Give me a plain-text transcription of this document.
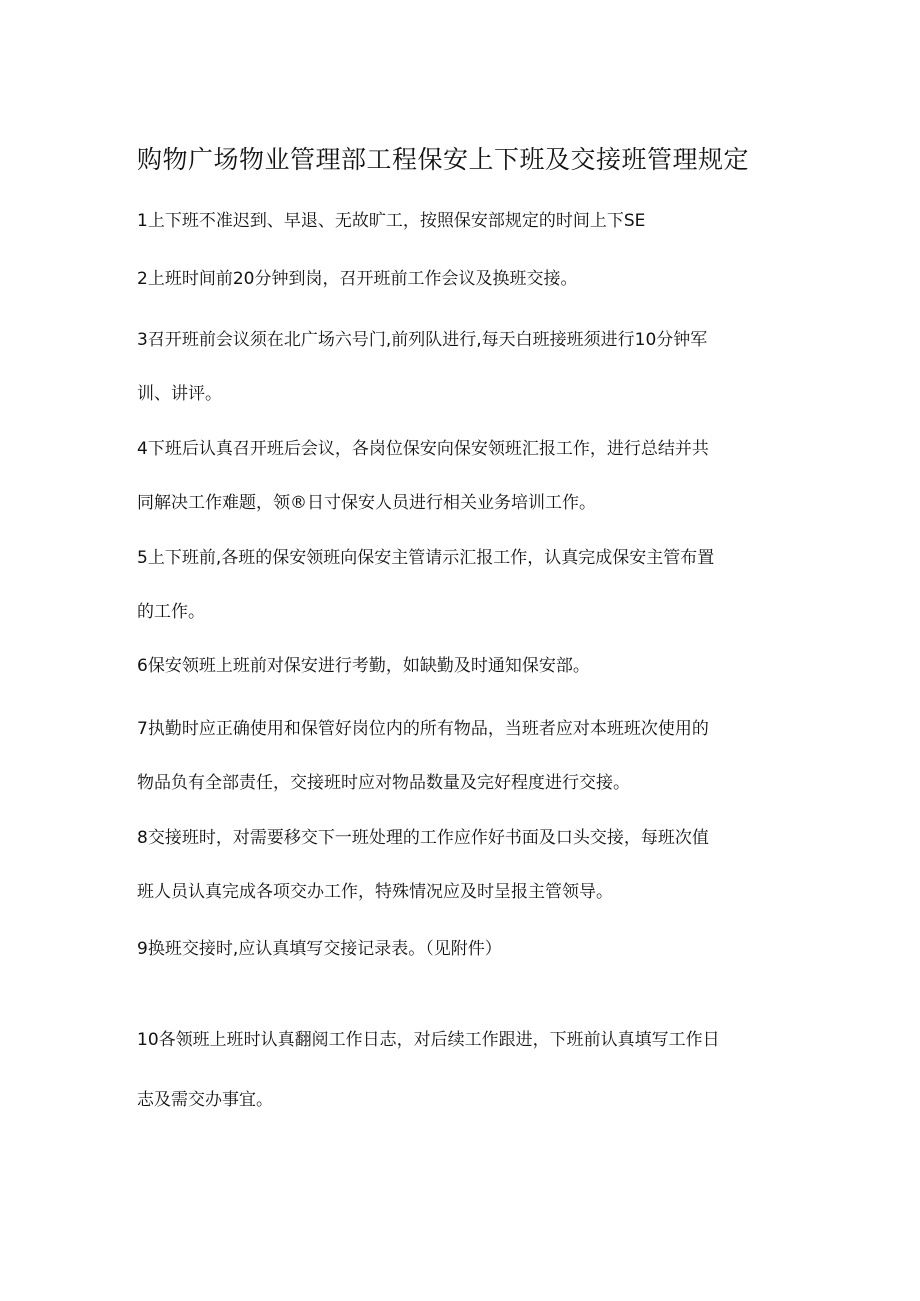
购物广场物业管理部工程保安上下班及交接班管理规定

1上下班不准迟到、早退、无故旷工，按照保安部规定的时间上下SE

2上班时间前20分钟到岗，召开班前工作会议及换班交接。

3召开班前会议须在北广场六号门,前列队进行,每天白班接班须进行10分钟军
训、讲评。

4下班后认真召开班后会议，各岗位保安向保安领班汇报工作，进行总结并共
同解决工作难题，领®日寸保安人员进行相关业务培训工作。

5上下班前,各班的保安领班向保安主管请示汇报工作，认真完成保安主管布置
的工作。

6保安领班上班前对保安进行考勤，如缺勤及时通知保安部。

7执勤时应正确使用和保管好岗位内的所有物品，当班者应对本班班次使用的
物品负有全部责任，交接班时应对物品数量及完好程度进行交接。

8交接班时，对需要移交下一班处理的工作应作好书面及口头交接，每班次值
班人员认真完成各项交办工作，特殊情况应及时呈报主管领导。

9换班交接时,应认真填写交接记录表。（见附件）

10各领班上班时认真翻阅工作日志，对后续工作跟进，下班前认真填写工作日
志及需交办事宜。
